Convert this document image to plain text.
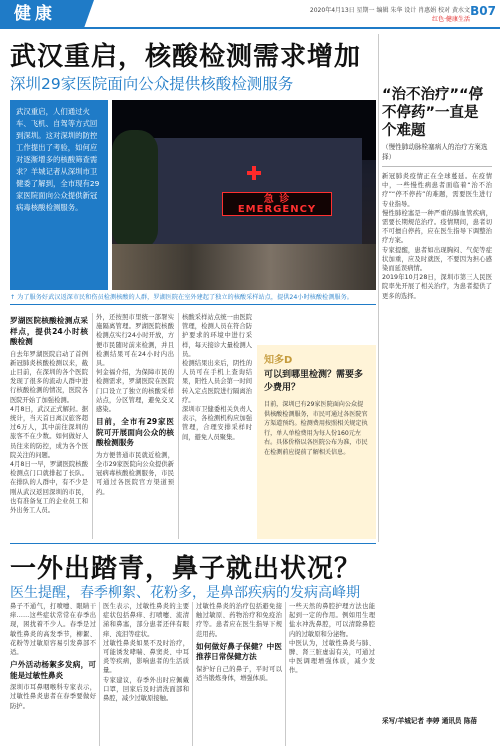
健康	2020年4月13日 星期一 编辑 朱华 设计 肖惠娟 校对 黄水文
红色·健康生活
B07
武汉重启，核酸检测需求增加
深圳29家医院面向公众提供核酸检测服务
武汉重启，人们通过火车、飞机、自驾等方式回到深圳。这对深圳的防控工作提出了考验，如何应对逐渐增多的核酸筛查需求？羊城记者从深圳市卫健委了解到，全市现有29家医院面向公众提供新冠病毒核酸检测服务。
急 诊
EMERGENCY
↑ 为了服务好武汉返深市民和伤员检测核酸的人群，罗湖医院在室外建起了独立的核酸采样站点，提供24小时核酸检测服务。
罗湖医院核酸检测点采样点，提供24小时核酸检测

自去年罗湖医院启动了首例 新冠肺炎核酸检测以来，截止目前，在深圳的各个医院发现了很多的流动人群中进行核酸检测的情况，医院各医院开始了加强检测。

4月8日，武汉正式解封。据统计，当天首日离汉旅客超过6万人，其中前往深圳的旅客不在少数。如何做好人员往来的防控，成为各个医院关注的问题。

4月8日一早，罗湖医院核酸检测点门口就排起了长队。在排队的人群中，有不少是刚从武汉返回深圳的市民，也有准备复工的企业员工和外出务工人员。

外，还按照市里统一部署实施隔离管理。罗湖医院核酸检测点实行24小时开放，方便市民随时前来检测，并且检测结果可在24小时内出具。

何金福介绍，为保障市民的检测需求，罗湖医院在医院门口设立了独立的核酸采样站点，分区管理，避免交叉感染。

目前，全市有29家医院可开展面向公众的核酸检测服务

为方便普通市民就近检测，全市29家医院向公众提供新冠病毒核酸检测服务，市民可通过各医院官方渠道预约。

核酸采样站点统一由医院管理，检测人员在符合防护要求的环境中进行采样，每天接诊大量检测人员。

检测结果出来后，阴性的人员可在手机上查询结果，阳性人员会第一时间转入定点医院进行隔离治疗。

深圳市卫健委相关负责人表示，各检测机构应加强管理，合理安排采样时间，避免人员聚集。

知多D
可以到哪里检测？需要多少费用？
目前，深圳已有29家医院面向公众提供核酸检测服务，市民可通过各医院官方渠道预约。检测费用按照相关规定执行，单人单检费用为每人份160元左右。具体价格以各医院公布为准，市民在检测前应提前了解相关信息。
“治不治疗”“停不停药”一直是个难题
（慢性肺动脉栓塞病人的治疗方案选择）

新冠肺炎疫情正在全球蔓延。在疫情中，一些慢性病患者面临着“治不治疗”“停不停药”的难题，需要医生进行专业指导。

慢性肺栓塞是一种严重的肺血管疾病，需要长期规范治疗。疫情期间，患者切不可擅自停药，应在医生指导下调整治疗方案。

专家提醒，患者如出现胸闷、气促等症状加重，应及时就医，不要因为担心感染而延误病情。

2019年10月28日，深圳市第三人民医院率先开展了相关治疗，为患者提供了更多的选择。

一外出踏青，鼻子就出状况？
医生提醒，春季柳絮、花粉多，是鼻部疾病的发病高峰期

鼻子不通气，打喷嚏、眼睛干痒……这些症状常常在春季出现，困扰着不少人。春季是过敏性鼻炎的高发季节，柳絮、花粉等过敏原容易引发鼻部不适。

户外活动杨絮多发病，可能是过敏性鼻炎

深圳市耳鼻咽喉科专家表示，过敏性鼻炎患者在春季要做好防护。

医生表示，过敏性鼻炎的主要症状包括鼻痒、打喷嚏、流清涕和鼻塞，部分患者还伴有眼痒、流泪等症状。

过敏性鼻炎如果不及时治疗，可能诱发哮喘、鼻窦炎、中耳炎等疾病，影响患者的生活质量。

专家建议，春季外出时应佩戴口罩，回家后及时清洗面部和鼻腔，减少过敏原接触。

过敏性鼻炎的治疗包括避免接触过敏原、药物治疗和免疫治疗等。患者应在医生指导下规范用药。

如何做好鼻子保健？中医推荐日常保健方法

保护好自己的鼻子，平时可以适当锻炼身体，增强体质。

一些天然的鼻腔护理方法也能起到一定的作用。例如用生理盐水冲洗鼻腔，可以清除鼻腔内的过敏原和分泌物。

中医认为，过敏性鼻炎与肺、脾、肾三脏虚弱有关，可通过中医调理增强体质，减少发作。

采写/羊城记者 李婷 通讯员 陈蓓
